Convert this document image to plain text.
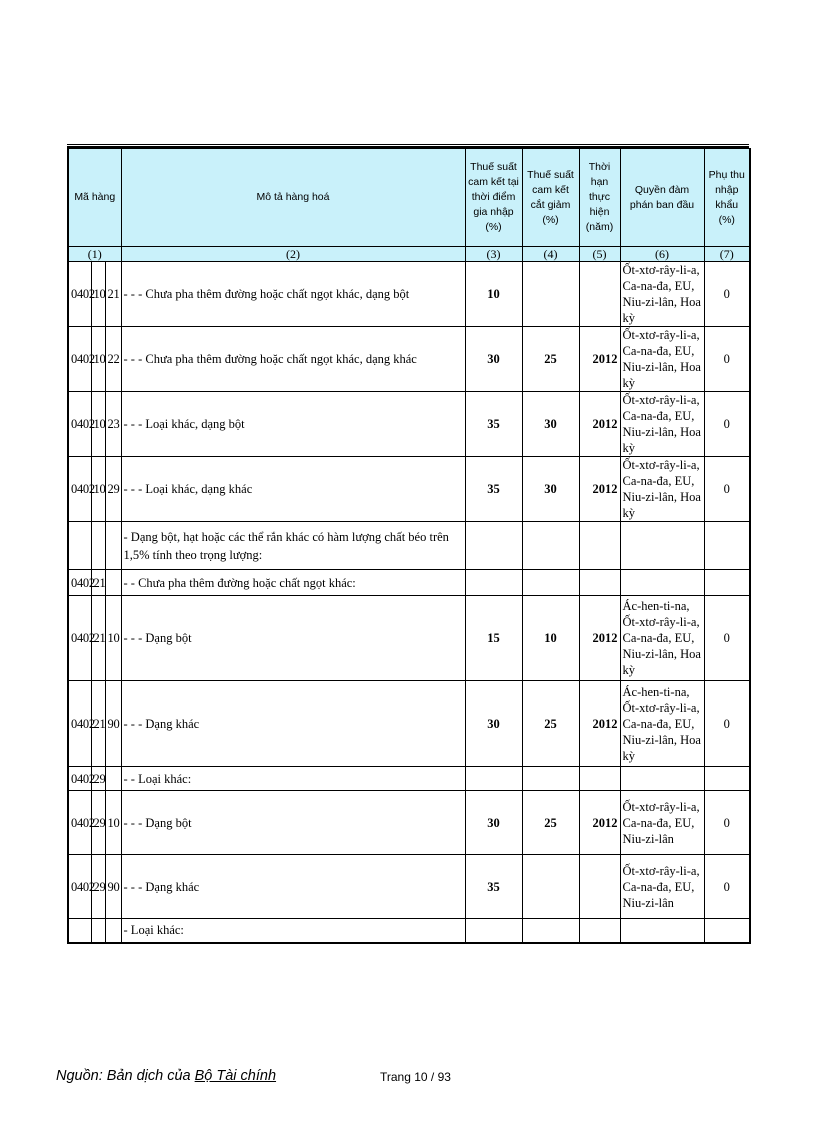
Mã hàng			Mô tả hàng hoá	Thuế suất cam kết tại thời điểm gia nhập (%)	Thuế suất cam kết cắt giảm (%)	Thời hạn thực hiện (năm)	Quyền đàm phán ban đầu	Phụ thu nhập khẩu (%)
(1)			(2)	(3)	(4)	(5)	(6)	(7)
0402	10	21	- - - Chưa pha thêm đường hoặc chất ngọt khác, dạng bột	10			Ốt-xtơ-rây-li-a, Ca-na-đa, EU, Niu-zi-lân, Hoa kỳ	0
0402	10	22	- - - Chưa pha thêm đường hoặc chất ngọt khác, dạng khác	30	25	2012	Ốt-xtơ-rây-li-a, Ca-na-đa, EU, Niu-zi-lân, Hoa kỳ	0
0402	10	23	- - - Loại khác, dạng bột	35	30	2012	Ốt-xtơ-rây-li-a, Ca-na-đa, EU, Niu-zi-lân, Hoa kỳ	0
0402	10	29	- - - Loại khác, dạng khác	35	30	2012	Ốt-xtơ-rây-li-a, Ca-na-đa, EU, Niu-zi-lân, Hoa kỳ	0
			- Dạng bột, hạt hoặc các thể rắn khác có hàm lượng chất béo trên 1,5% tính theo trọng lượng:					
0402	21		- - Chưa pha thêm đường hoặc chất ngọt khác:					
0402	21	10	- - - Dạng bột	15	10	2012	Ác-hen-ti-na, Ốt-xtơ-rây-li-a, Ca-na-đa, EU, Niu-zi-lân, Hoa kỳ	0
0402	21	90	- - - Dạng khác	30	25	2012	Ác-hen-ti-na, Ốt-xtơ-rây-li-a, Ca-na-đa, EU, Niu-zi-lân, Hoa kỳ	0
0402	29		- - Loại khác:					
0402	29	10	- - - Dạng bột	30	25	2012	Ốt-xtơ-rây-li-a, Ca-na-đa, EU, Niu-zi-lân	0
0402	29	90	- - - Dạng khác	35			Ốt-xtơ-rây-li-a, Ca-na-đa, EU, Niu-zi-lân	0
			- Loại khác:					
Nguồn: Bản dịch của Bộ Tài chính	Trang 10 / 93
